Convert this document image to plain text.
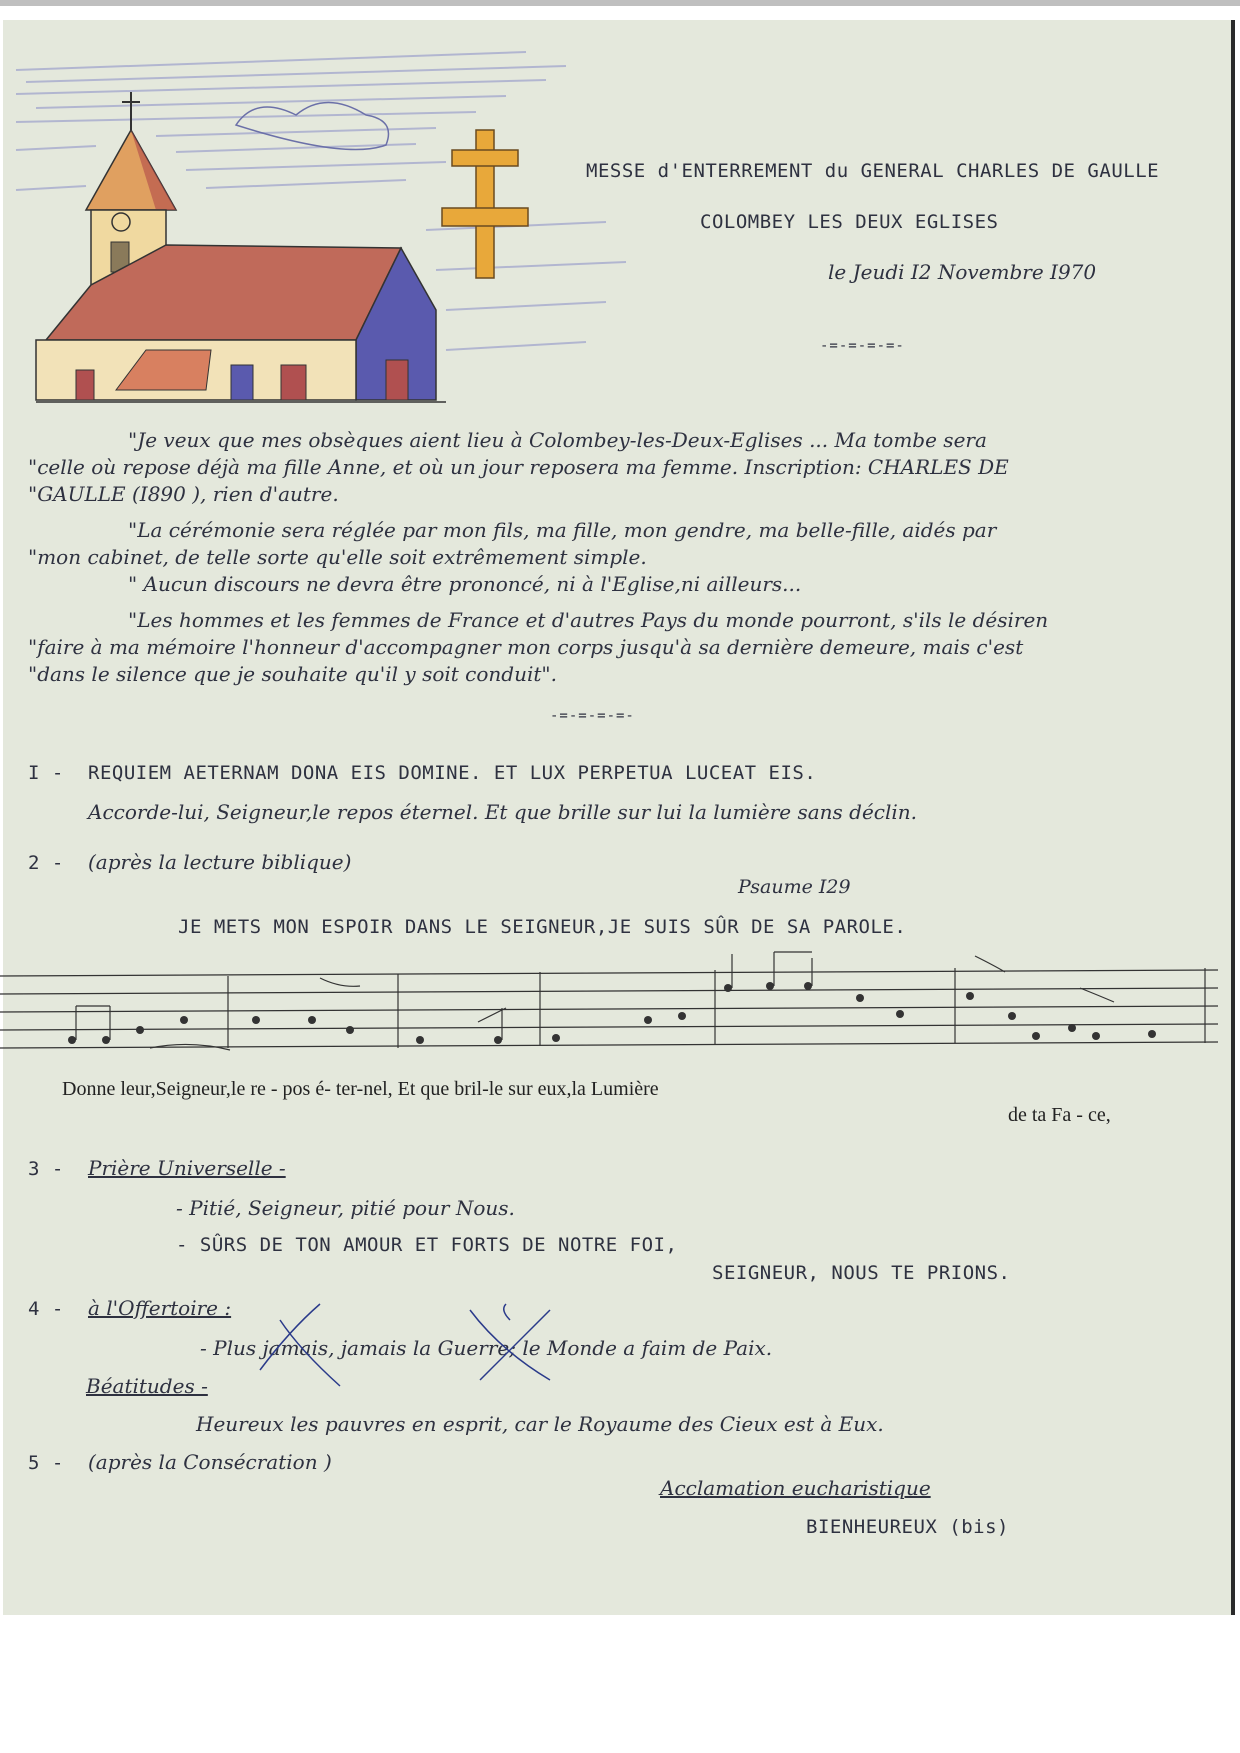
MESSE d'ENTERREMENT du GENERAL CHARLES DE GAULLE
COLOMBEY LES DEUX EGLISES
le Jeudi I2 Novembre I970
-=-=-=-=-
"Je veux que mes obsèques aient lieu à Colombey-les-Deux-Eglises ... Ma tombe sera
"celle où repose déjà ma fille Anne, et où un jour reposera ma femme. Inscription: CHARLES DE
"GAULLE (I890 ), rien d'autre.
"La cérémonie sera réglée par mon fils, ma fille, mon gendre, ma belle-fille, aidés par
"mon cabinet, de telle sorte qu'elle soit extrêmement simple.
" Aucun discours ne devra être prononcé, ni à l'Eglise,ni ailleurs...
"Les hommes et les femmes de France et d'autres Pays du monde pourront, s'ils le désiren
"faire à ma mémoire l'honneur d'accompagner mon corps jusqu'à sa dernière demeure, mais c'est
"dans le silence que je souhaite qu'il y soit conduit".
-=-=-=-=-
I - REQUIEM AETERNAM DONA EIS DOMINE. ET LUX PERPETUA LUCEAT EIS.
Accorde-lui, Seigneur,le repos éternel. Et que brille sur lui la lumière sans déclin.
2 - (après la lecture biblique)
Psaume I29
JE METS MON ESPOIR DANS LE SEIGNEUR,JE SUIS SÛR DE SA PAROLE.
Donne leur,Seigneur,le re - pos é- ter-nel, Et que bril-le sur eux,la Lumière
de ta Fa - ce,
3 - Prière Universelle -
- Pitié, Seigneur, pitié pour Nous.
- SÛRS DE TON AMOUR ET FORTS DE NOTRE FOI,
SEIGNEUR, NOUS TE PRIONS.
4 - à l'Offertoire :
- Plus jamais, jamais la Guerre; le Monde a faim de Paix.
Béatitudes -
Heureux les pauvres en esprit, car le Royaume des Cieux est à Eux.
5 - (après la Consécration )
Acclamation eucharistique
BIENHEUREUX (bis)
